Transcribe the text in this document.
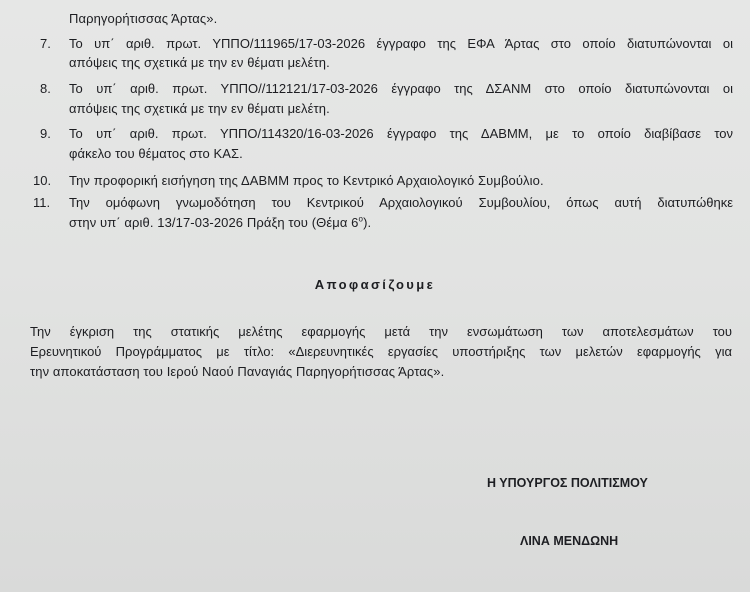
Παρηγορήτισσας Άρτας».
7. Το υπ΄ αριθ. πρωτ. ΥΠΠΟ/111965/17-03-2026 έγγραφο της ΕΦΑ Άρτας στο οποίο διατυπώνονται οι
απόψεις της σχετικά με την εν θέματι μελέτη.
8. Το υπ΄ αριθ. πρωτ. ΥΠΠΟ//112121/17-03-2026 έγγραφο της ΔΣΑΝΜ στο οποίο διατυπώνονται οι
απόψεις της σχετικά με την εν θέματι μελέτη.
9. Το υπ΄ αριθ. πρωτ. ΥΠΠΟ/114320/16-03-2026 έγγραφο της ΔΑΒΜΜ, με το οποίο διαβίβασε τον
φάκελο του θέματος στο ΚΑΣ.
10. Την προφορική εισήγηση της ΔΑΒΜΜ προς το Κεντρικό Αρχαιολογικό Συμβούλιο.
11. Την ομόφωνη γνωμοδότηση του Κεντρικού Αρχαιολογικού Συμβουλίου, όπως αυτή διατυπώθηκε
στην υπ΄ αριθ. 13/17-03-2026 Πράξη του (Θέμα $6^o$).
Αποφασίζουμε
Την έγκριση της στατικής μελέτης εφαρμογής μετά την ενσωμάτωση των αποτελεσμάτων του
Ερευνητικού Προγράμματος με τίτλο: «Διερευνητικές εργασίες υποστήριξης των μελετών εφαρμογής για
την αποκατάσταση του Ιερού Ναού Παναγιάς Παρηγορήτισσας Άρτας».
Η ΥΠΟΥΡΓΟΣ ΠΟΛΙΤΙΣΜΟΥ
ΛΙΝΑ ΜΕΝΔΩΝΗ
